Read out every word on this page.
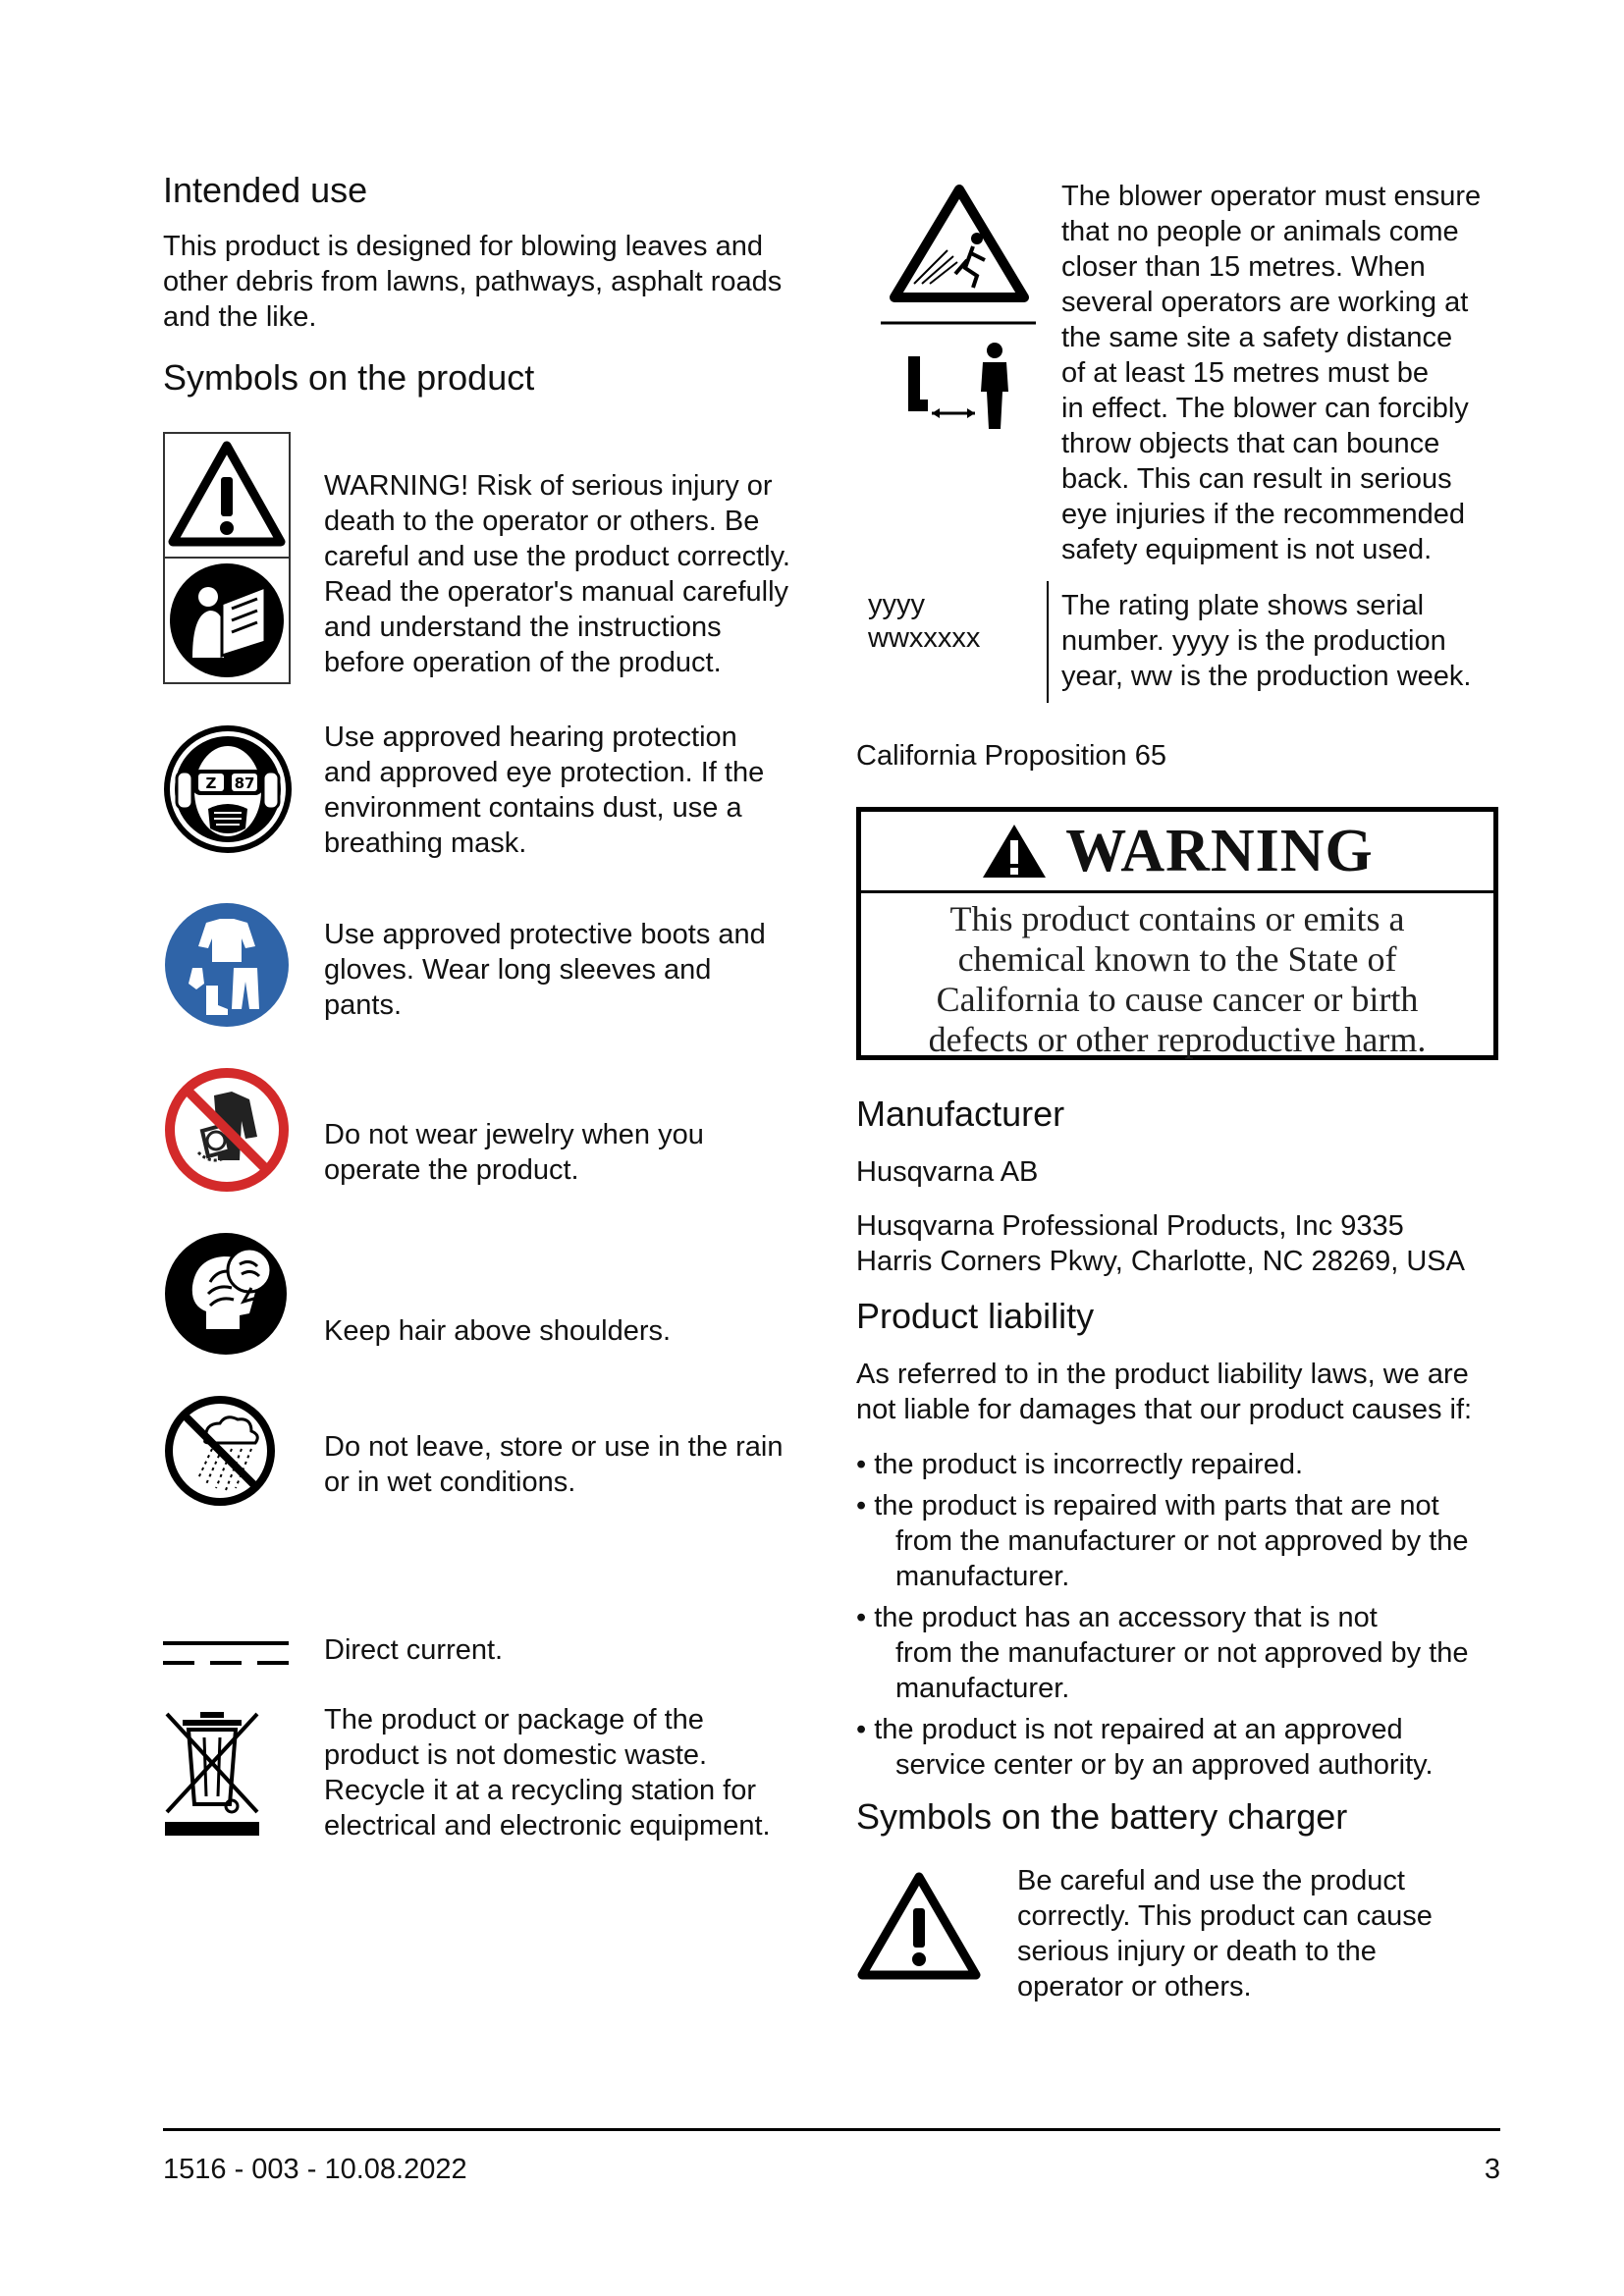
Intended use
This product is designed for blowing leaves and
other debris from lawns, pathways, asphalt roads
and the like.
Symbols on the product
WARNING! Risk of serious injury or
death to the operator or others. Be
careful and use the product correctly.
Read the operator's manual carefully
and understand the instructions
before operation of the product.
Z 87
Use approved hearing protection
and approved eye protection. If the
environment contains dust, use a
breathing mask.
Use approved protective boots and
gloves. Wear long sleeves and
pants.
Do not wear jewelry when you
operate the product.
Keep hair above shoulders.
Do not leave, store or use in the rain
or in wet conditions.
Direct current.
The product or package of the
product is not domestic waste.
Recycle it at a recycling station for
electrical and electronic equipment.
The blower operator must ensure
that no people or animals come
closer than 15 metres. When
several operators are working at
the same site a safety distance
of at least 15 metres must be
in effect. The blower can forcibly
throw objects that can bounce
back. This can result in serious
eye injuries if the recommended
safety equipment is not used.
yyyy
wwxxxxx
The rating plate shows serial
number. yyyy is the production
year, ww is the production week.
California Proposition 65
WARNING
This product contains or emits a
chemical known to the State of
California to cause cancer or birth
defects or other reproductive harm.
Manufacturer
Husqvarna AB
Husqvarna Professional Products, Inc 9335
Harris Corners Pkwy, Charlotte, NC 28269, USA
Product liability
As referred to in the product liability laws, we are
not liable for damages that our product causes if:
• the product is incorrectly repaired.
• the product is repaired with parts that are not
from the manufacturer or not approved by the
manufacturer.
• the product has an accessory that is not
from the manufacturer or not approved by the
manufacturer.
• the product is not repaired at an approved
service center or by an approved authority.
Symbols on the battery charger
Be careful and use the product
correctly. This product can cause
serious injury or death to the
operator or others.
1516 - 003 - 10.08.2022	3
